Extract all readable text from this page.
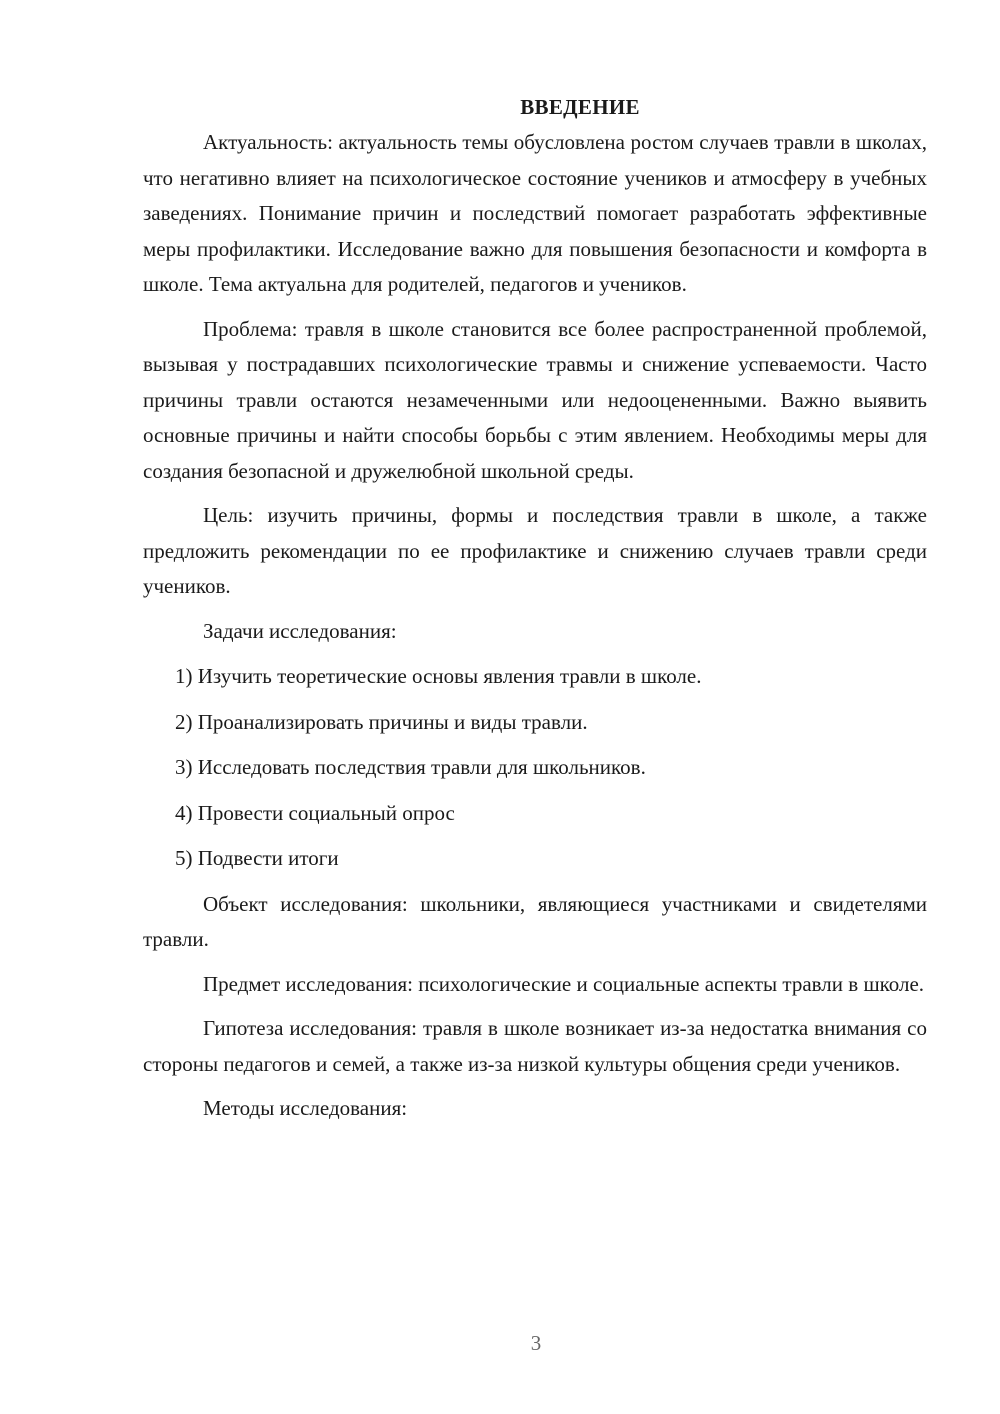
ВВЕДЕНИЕ

Актуальность: актуальность темы обусловлена ростом случаев травли в школах, что негативно влияет на психологическое состояние учеников и атмосферу в учебных заведениях. Понимание причин и последствий помогает разработать эффективные меры профилактики. Исследование важно для повышения безопасности и комфорта в школе. Тема актуальна для родителей, педагогов и учеников.

Проблема: травля в школе становится все более распространенной проблемой, вызывая у пострадавших психологические травмы и снижение успеваемости. Часто причины травли остаются незамеченными или недооцененными. Важно выявить основные причины и найти способы борьбы с этим явлением. Необходимы меры для создания безопасной и дружелюбной школьной среды.

Цель: изучить причины, формы и последствия травли в школе, а также предложить рекомендации по ее профилактике и снижению случаев травли среди учеников.

Задачи исследования:

1) Изучить теоретические основы явления травли в школе.
2) Проанализировать причины и виды травли.
3) Исследовать последствия травли для школьников.
4) Провести социальный опрос
5) Подвести итоги

Объект исследования: школьники, являющиеся участниками и свидетелями травли.

Предмет исследования: психологические и социальные аспекты травли в школе.

Гипотеза исследования: травля в школе возникает из-за недостатка внимания со стороны педагогов и семей, а также из-за низкой культуры общения среди учеников.

Методы исследования:

3
